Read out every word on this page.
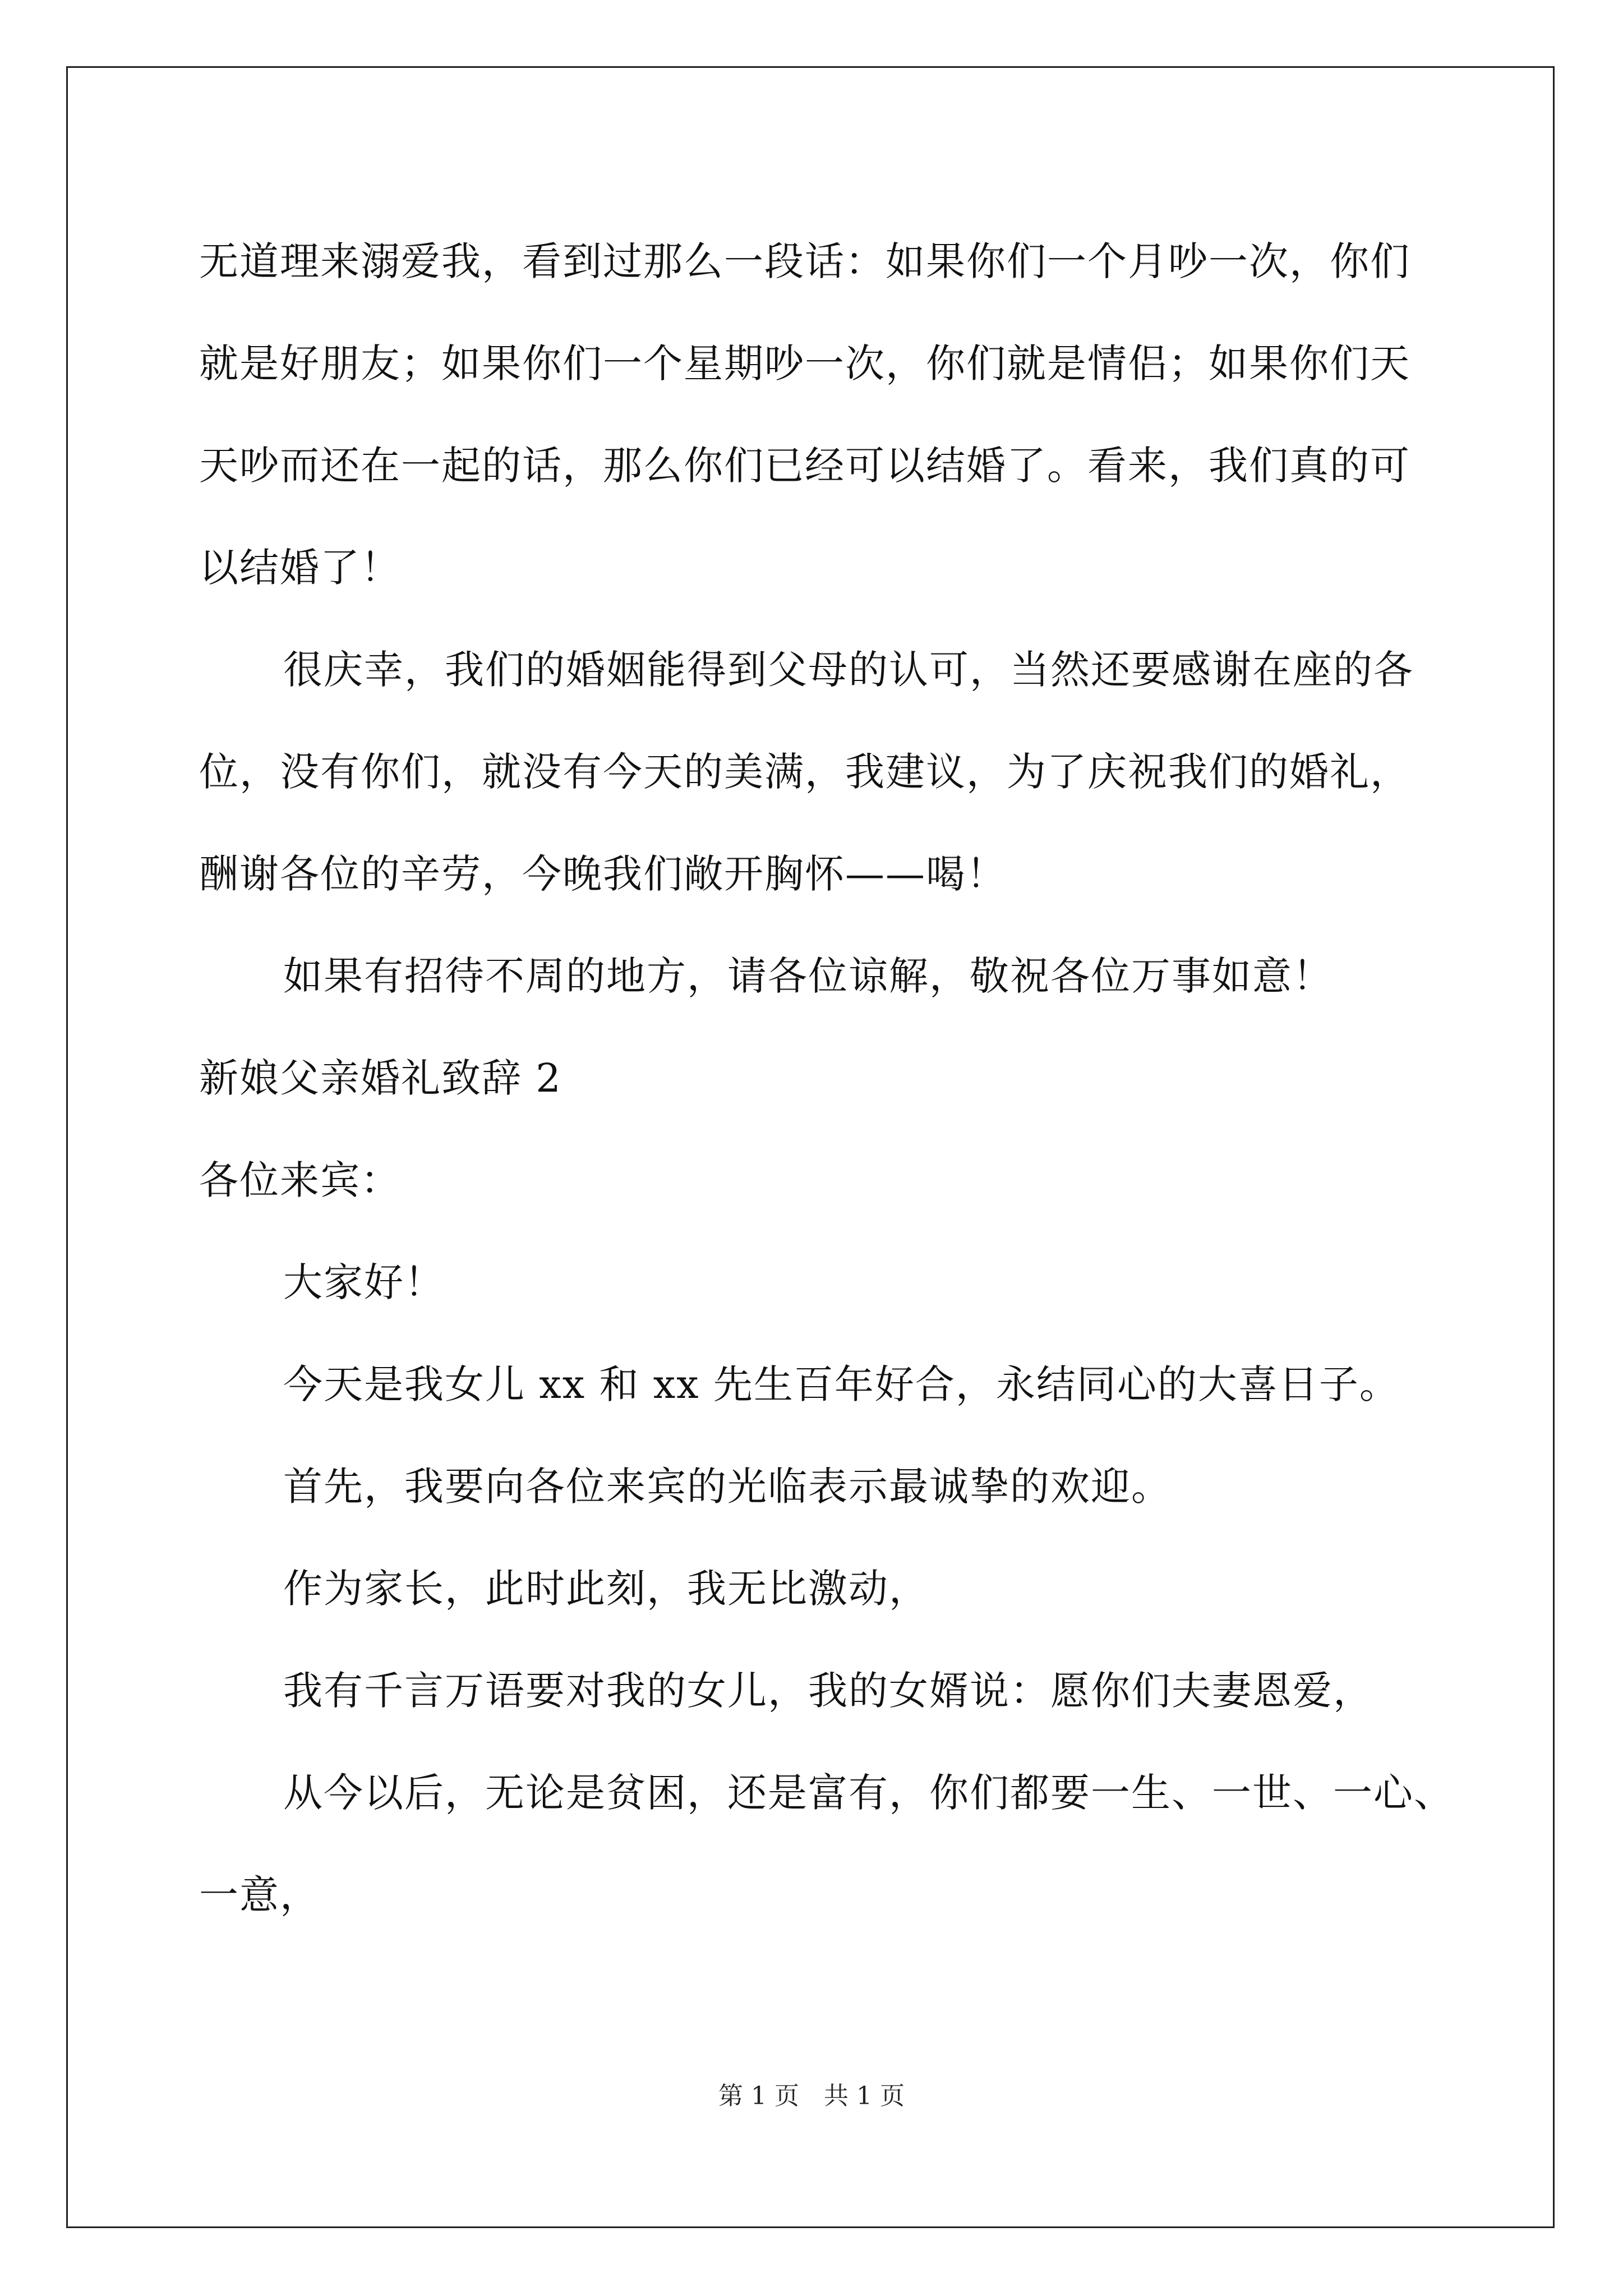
无道理来溺爱我，看到过那么一段话：如果你们一个月吵一次，你们
就是好朋友；如果你们一个星期吵一次，你们就是情侣；如果你们天
天吵而还在一起的话，那么你们已经可以结婚了。看来，我们真的可
以结婚了！
很庆幸，我们的婚姻能得到父母的认可，当然还要感谢在座的各
位，没有你们，就没有今天的美满，我建议，为了庆祝我们的婚礼，
酬谢各位的辛劳，今晚我们敞开胸怀——喝！
如果有招待不周的地方，请各位谅解，敬祝各位万事如意！
新娘父亲婚礼致辞 2
各位来宾：
大家好！
今天是我女儿 xx 和 xx 先生百年好合，永结同心的大喜日子。
首先，我要向各位来宾的光临表示最诚挚的欢迎。
作为家长，此时此刻，我无比激动，
我有千言万语要对我的女儿，我的女婿说：愿你们夫妻恩爱，
从今以后，无论是贫困，还是富有，你们都要一生、一世、一心、
一意，
第 1 页　共 1 页
